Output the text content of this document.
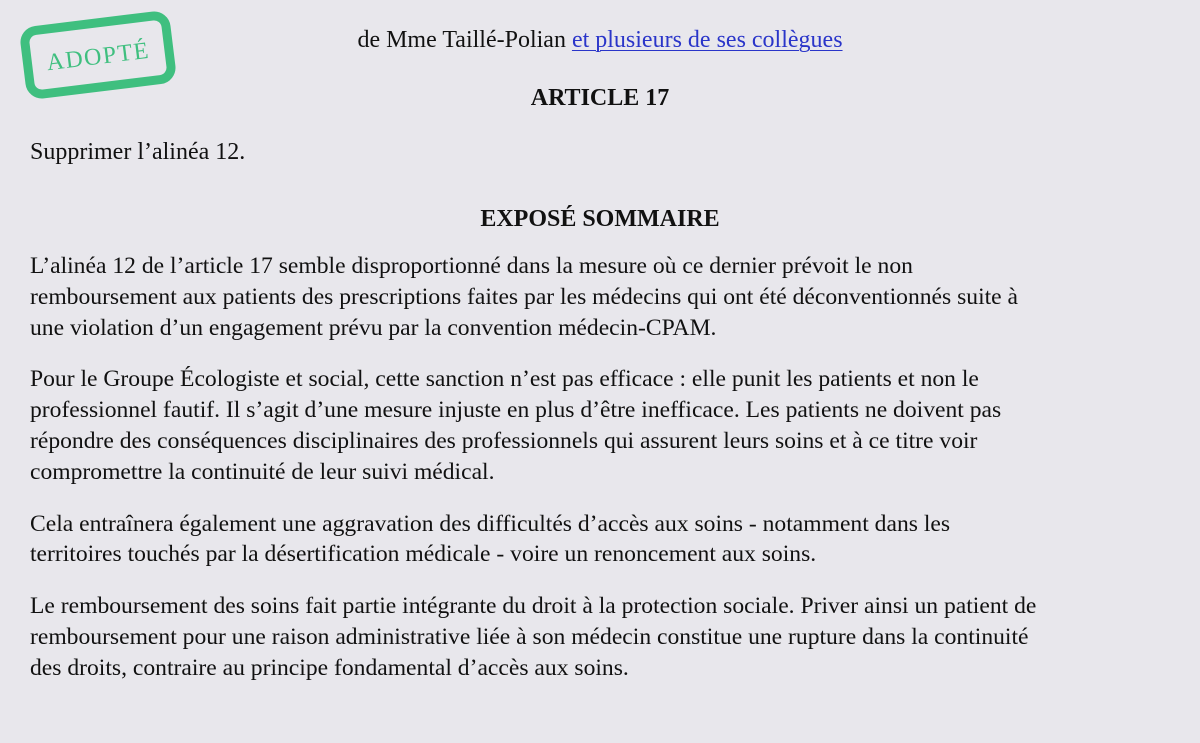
ADOPTÉ	de Mme Taillé-Polian et plusieurs de ses collègues
ARTICLE 17

Supprimer l’alinéa 12.

EXPOSÉ SOMMAIRE

L’alinéa 12 de l’article 17 semble disproportionné dans la mesure où ce dernier prévoit le non
remboursement aux patients des prescriptions faites par les médecins qui ont été déconventionnés suite à
une violation d’un engagement prévu par la convention médecin-CPAM.

Pour le Groupe Écologiste et social, cette sanction n’est pas efficace : elle punit les patients et non le
professionnel fautif. Il s’agit d’une mesure injuste en plus d’être inefficace. Les patients ne doivent pas
répondre des conséquences disciplinaires des professionnels qui assurent leurs soins et à ce titre voir
compromettre la continuité de leur suivi médical.

Cela entraînera également une aggravation des difficultés d’accès aux soins - notamment dans les
territoires touchés par la désertification médicale - voire un renoncement aux soins.

Le remboursement des soins fait partie intégrante du droit à la protection sociale. Priver ainsi un patient de
remboursement pour une raison administrative liée à son médecin constitue une rupture dans la continuité
des droits, contraire au principe fondamental d’accès aux soins.
